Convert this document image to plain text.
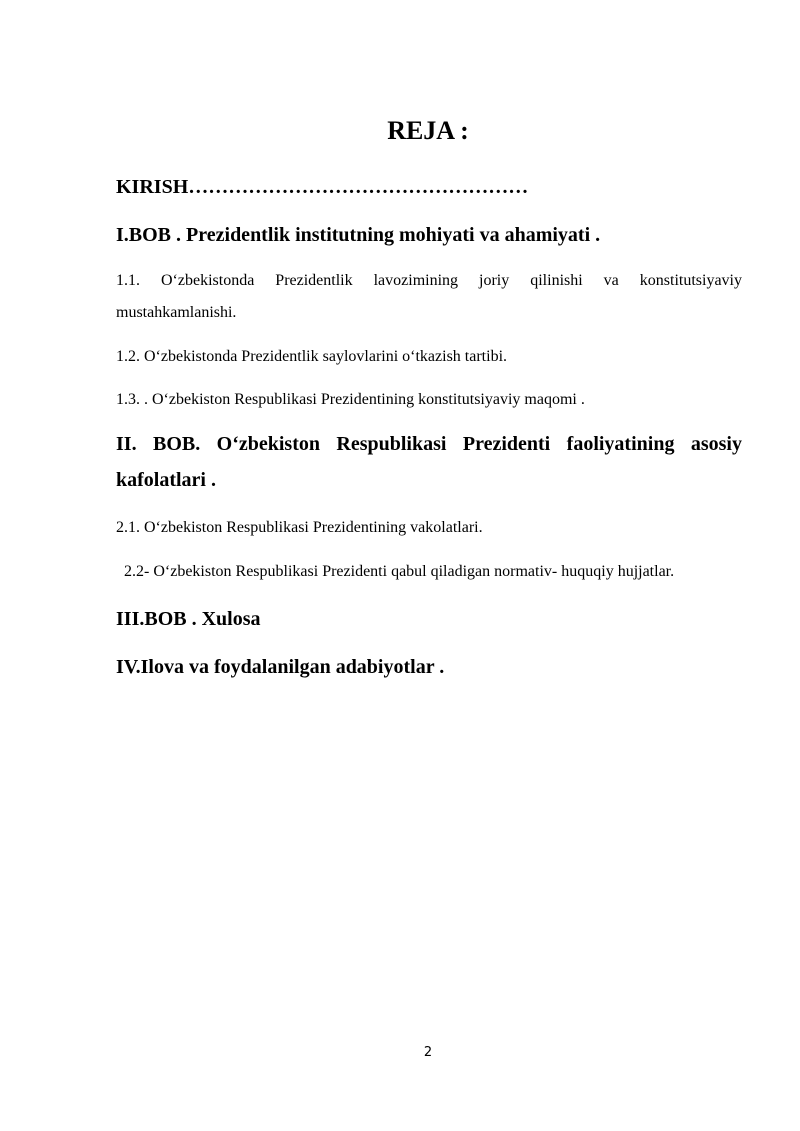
REJA :

KIRISH……………………………………………

I.BOB . Prezidentlik institutning mohiyati va ahamiyati .

1.1. O‘zbekistonda Prezidentlik lavozimining joriy qilinishi va konstitutsiyaviy mustahkamlanishi.

1.2. O‘zbekistonda Prezidentlik saylovlarini o‘tkazish tartibi.

1.3. . O‘zbekiston Respublikasi Prezidentining konstitutsiyaviy maqomi .

II. BOB. O‘zbekiston Respublikasi Prezidenti faoliyatining asosiy kafolatlari .

2.1. O‘zbekiston Respublikasi Prezidentining vakolatlari.

2.2- O‘zbekiston Respublikasi Prezidenti qabul qiladigan normativ- huquqiy hujjatlar.

III.BOB . Xulosa

IV.Ilova va foydalanilgan adabiyotlar .

2
